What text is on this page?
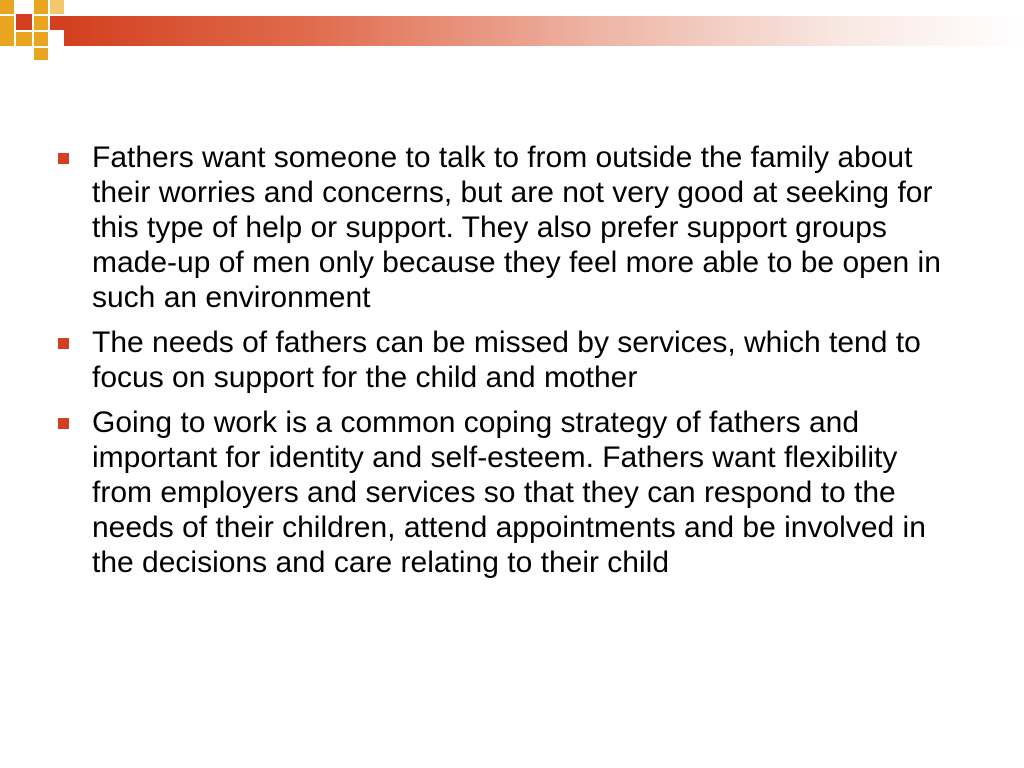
Fathers want someone to talk to from outside the family about their worries and concerns, but are not very good at seeking for this type of help or support. They also prefer support groups made-up of men only because they feel more able to be open in such an environment
The needs of fathers can be missed by services, which tend to focus on support for the child and mother
Going to work is a common coping strategy of fathers and important for identity and self-esteem. Fathers want flexibility from employers and services so that they can respond to the needs of their children, attend appointments and be involved in the decisions and care relating to their child
